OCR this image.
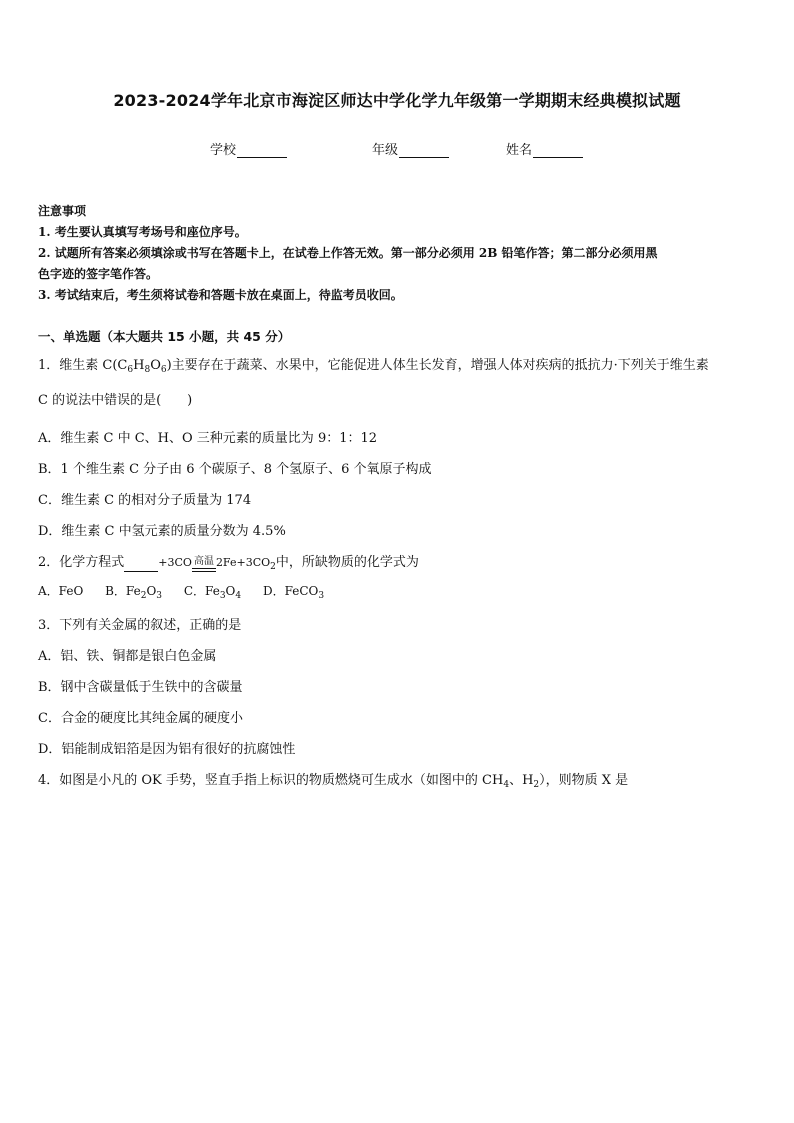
2023-2024学年北京市海淀区师达中学化学九年级第一学期期末经典模拟试题
学校	年级	姓名
注意事项
1. 考生要认真填写考场号和座位序号。
2. 试题所有答案必须填涂或书写在答题卡上，在试卷上作答无效。第一部分必须用 2B 铅笔作答；第二部分必须用黑
色字迹的签字笔作答。
3. 考试结束后，考生须将试卷和答题卡放在桌面上，待监考员收回。
一、单选题（本大题共 15 小题，共 45 分）
1．维生素 $C(C_6H_8O_6)$主要存在于蔬菜、水果中，它能促进人体生长发育，增强人体对疾病的抵抗力·下列关于维生素
C 的说法中错误的是(　　)
A．维生素 C 中 C、H、O 三种元素的质量比为 9：1：12
B．1 个维生素 C 分子由 6 个碳原子、8 个氢原子、6 个氧原子构成
C．维生素 C 的相对分子质量为 174
D．维生素 C 中氢元素的质量分数为 4.5%
2．化学方程式	+3CO 高温 $2Fe+3CO_2$中，所缺物质的化学式为
A．FeO B．$Fe_2O_3$ C．$Fe_3O_4$ D．FeCO$_3$
3．下列有关金属的叙述，正确的是
A．铝、铁、铜都是银白色金属
B．钢中含碳量低于生铁中的含碳量
C．合金的硬度比其纯金属的硬度小
D．铝能制成铝箔是因为铝有很好的抗腐蚀性
4．如图是小凡的 OK 手势，竖直手指上标识的物质燃烧可生成水（如图中的 $CH_4$、$H_2$），则物质 X 是
